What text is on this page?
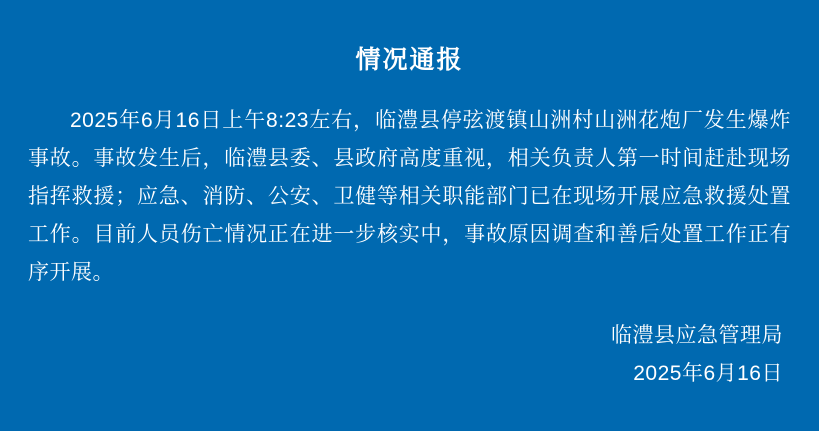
情况通报
2025年6月16日上午8:23左右，临澧县停弦渡镇山洲村山洲花炮厂发生爆炸事故。事故发生后，临澧县委、县政府高度重视，相关负责人第一时间赶赴现场指挥救援；应急、消防、公安、卫健等相关职能部门已在现场开展应急救援处置工作。目前人员伤亡情况正在进一步核实中，事故原因调查和善后处置工作正有序开展。
临澧县应急管理局
2025年6月16日
